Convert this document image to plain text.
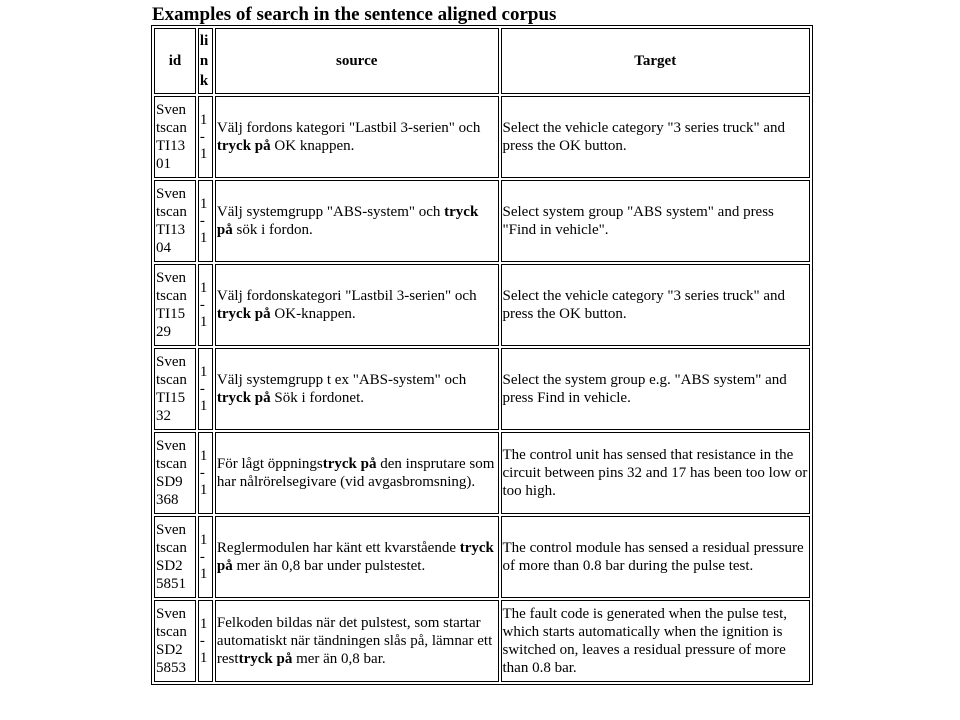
Examples of search in the sentence aligned corpus
id	li
n
k	source	Target
Sven
tscan
TI13
01	1
-
1	Välj fordons kategori "Lastbil 3-serien" och tryck på OK knappen.	Select the vehicle category "3 series truck" and press the OK button.
Sven
tscan
TI13
04	1
-
1	Välj systemgrupp "ABS-system" och tryck på sök i fordon.	Select system group "ABS system" and press "Find in vehicle".
Sven
tscan
TI15
29	1
-
1	Välj fordonskategori "Lastbil 3-serien" och tryck på OK-knappen.	Select the vehicle category "3 series truck" and press the OK button.
Sven
tscan
TI15
32	1
-
1	Välj systemgrupp t ex "ABS-system" och tryck på Sök i fordonet.	Select the system group e.g. "ABS system" and press Find in vehicle.
Sven
tscan
SD9
368	1
-
1	För lågt öppningstryck på den insprutare som har nålrörelsegivare (vid avgasbromsning).	The control unit has sensed that resistance in the circuit between pins 32 and 17 has been too low or too high.
Sven
tscan
SD2
5851	1
-
1	Reglermodulen har känt ett kvarstående tryck på mer än 0,8 bar under pulstestet.	The control module has sensed a residual pressure of more than 0.8 bar during the pulse test.
Sven
tscan
SD2
5853	1
-
1	Felkoden bildas när det pulstest, som startar automatiskt när tändningen slås på, lämnar ett resttryck på mer än 0,8 bar.	The fault code is generated when the pulse test, which starts automatically when the ignition is switched on, leaves a residual pressure of more than 0.8 bar.
